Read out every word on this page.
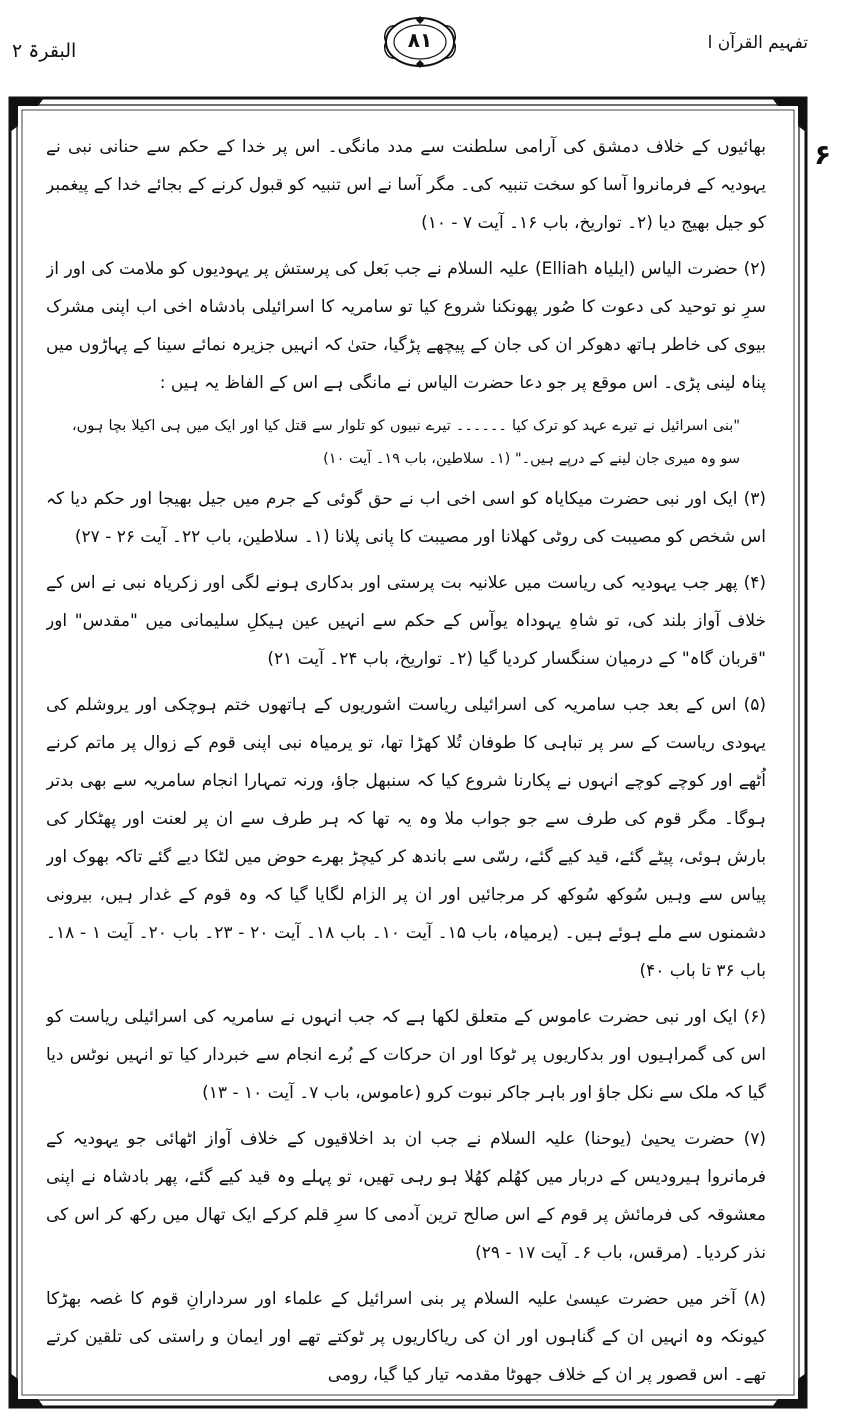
البقرۃ ۲	۸۱	تفہیم القرآن ا
۶

بھائیوں کے خلاف دمشق کی آرامی سلطنت سے مدد مانگی۔ اس پر خدا کے حکم سے حنانی نبی نے یہودیہ کے فرمانروا آسا کو سخت تنبیہ کی۔ مگر آسا نے اس تنبیہ کو قبول کرنے کے بجائے خدا کے پیغمبر کو جیل بھیج دیا (۲۔ تواریخ، باب ۱۶۔ آیت ۷ - ۱۰)

(۲) حضرت الیاس (ایلیاہ Elliah) علیہ السلام نے جب بَعل کی پرستش پر یہودیوں کو ملامت کی اور از سرِ نو توحید کی دعوت کا صُور پھونکنا شروع کیا تو سامریہ کا اسرائیلی بادشاہ اخی اب اپنی مشرک بیوی کی خاطر ہاتھ دھوکر ان کی جان کے پیچھے پڑگیا، حتیٰ کہ انہیں جزیرہ نمائے سینا کے پہاڑوں میں پناہ لینی پڑی۔ اس موقع پر جو دعا حضرت الیاس نے مانگی ہے اس کے الفاظ یہ ہیں :

"بنی اسرائیل نے تیرے عہد کو ترک کیا ۔۔۔۔۔۔ تیرے نبیوں کو تلوار سے قتل کیا اور ایک میں ہی اکیلا بچا ہوں، سو وہ میری جان لینے کے درپے ہیں۔" (۱۔ سلاطین، باب ۱۹۔ آیت ۱۰)

(۳) ایک اور نبی حضرت میکایاہ کو اسی اخی اب نے حق گوئی کے جرم میں جیل بھیجا اور حکم دیا کہ اس شخص کو مصیبت کی روٹی کھلانا اور مصیبت کا پانی پلانا (۱۔ سلاطین، باب ۲۲۔ آیت ۲۶ - ۲۷)

(۴) پھر جب یہودیہ کی ریاست میں علانیہ بت پرستی اور بدکاری ہونے لگی اور زکریاہ نبی نے اس کے خلاف آواز بلند کی، تو شاہِ یہوداہ یوآس کے حکم سے انہیں عین ہیکلِ سلیمانی میں "مقدس" اور "قربان گاہ" کے درمیان سنگسار کردیا گیا (۲۔ تواریخ، باب ۲۴۔ آیت ۲۱)

(۵) اس کے بعد جب سامریہ کی اسرائیلی ریاست اشوریوں کے ہاتھوں ختم ہوچکی اور یروشلم کی یہودی ریاست کے سر پر تباہی کا طوفان تُلا کھڑا تھا، تو یرمیاہ نبی اپنی قوم کے زوال پر ماتم کرنے اُٹھے اور کوچے کوچے انہوں نے پکارنا شروع کیا کہ سنبھل جاؤ، ورنہ تمہارا انجام سامریہ سے بھی بدتر ہوگا۔ مگر قوم کی طرف سے جو جواب ملا وہ یہ تھا کہ ہر طرف سے ان پر لعنت اور پھٹکار کی بارش ہوئی، پیٹے گئے، قید کیے گئے، رسّی سے باندھ کر کیچڑ بھرے حوض میں لٹکا دیے گئے تاکہ بھوک اور پیاس سے وہیں سُوکھ سُوکھ کر مرجائیں اور ان پر الزام لگایا گیا کہ وہ قوم کے غدار ہیں، بیرونی دشمنوں سے ملے ہوئے ہیں۔ (یرمیاہ، باب ۱۵۔ آیت ۱۰۔ باب ۱۸۔ آیت ۲۰ - ۲۳۔ باب ۲۰۔ آیت ۱ - ۱۸۔ باب ۳۶ تا باب ۴۰)

(۶) ایک اور نبی حضرت عاموس کے متعلق لکھا ہے کہ جب انہوں نے سامریہ کی اسرائیلی ریاست کو اس کی گمراہیوں اور بدکاریوں پر ٹوکا اور ان حرکات کے بُرے انجام سے خبردار کیا تو انہیں نوٹس دیا گیا کہ ملک سے نکل جاؤ اور باہر جاکر نبوت کرو (عاموس، باب ۷۔ آیت ۱۰ - ۱۳)

(۷) حضرت یحییٰ (یوحنا) علیہ السلام نے جب ان بد اخلاقیوں کے خلاف آواز اٹھائی جو یہودیہ کے فرمانروا ہیرودیس کے دربار میں کھُلم کھُلا ہو رہی تھیں، تو پہلے وہ قید کیے گئے، پھر بادشاہ نے اپنی معشوقہ کی فرمائش پر قوم کے اس صالح ترین آدمی کا سرِ قلم کرکے ایک تھال میں رکھ کر اس کی نذر کردیا۔ (مرقس، باب ۶۔ آیت ۱۷ - ۲۹)

(۸) آخر میں حضرت عیسیٰ علیہ السلام پر بنی اسرائیل کے علماء اور سردارانِ قوم کا غصہ بھڑکا کیونکہ وہ انہیں ان کے گناہوں اور ان کی ریاکاریوں پر ٹوکتے تھے اور ایمان و راستی کی تلقین کرتے تھے۔ اس قصور پر ان کے خلاف جھوٹا مقدمہ تیار کیا گیا، رومی
